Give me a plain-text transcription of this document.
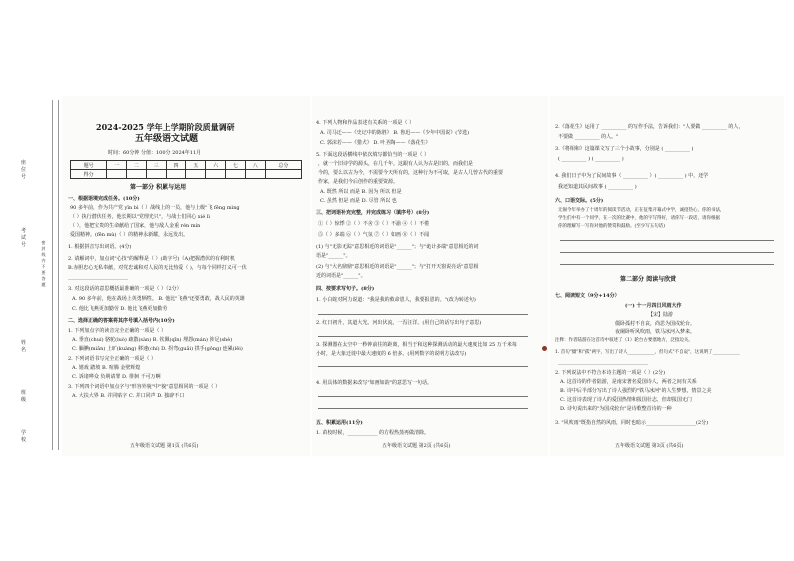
座位号
考试号	密 封 线 内 不 要 答 题
姓名
班级
学校
2024-2025 学年上学期阶段质量调研
五年级语文试题
时间：60分钟 分值：100分 2024年11月
题号	一	二	三	四	五	六	七	八	总分
得分									
第一部分 积累与运用
一、根据语境完成任务。(10分)
90 多年前，作为共产党 yīn bì（ ）战线上的一员，他与上级"飞 fēng mìng
（ ）执行潜伏任务，他长期以"党理光只"，与战士们同心 xié lì
（ ），他把宝贵的生命献给了国家，他与敌人金重 rén mín
爱国精神。(fēn mù)（ ）的精神永新耀，永远发出。
1. 根据拼音写出词语。(4分)
2. 请解词中，加点词"心技"的解释是（ ）(助字号)（A)把握潜伏的有利时机
B.赤胆忠心无私奉献，对党忠诚和对人民的无比热爱（ )，与每个同样打义可一伏
________________________
3. 对这段话的意思概括最准确的一项是（ ）（2分）
A. 90 多年前，他在战场上英勇牺牲。 B. 他比"飞燕"还要勇敢，战人民的英雄
C. 他比飞燕更加勤劳 D. 他比飞燕更加勤劳
二、选择正确的答案将其序号填入括号内(10分)
1. 下列加点字的读音完全正确的一项是（ ）
A. 垂直(chuí) 骆驼(luò) 疏散(sàn) B. 钦佩(qīn) 埋怨(mán) 涉足(shè)
C. 腼腆(miǎn) 上旷(kuàng) 移速(chí) D. 拐弯(guǎi) 拱手(gǒng) 连累(lěi)
2. 下列词语书写完全正确的一项是（ ）
A. 嬉戏 踏坡 B. 喧腾 金壁辉煌
C. 诉诸哗众 负荆请罪 D. 徘徊 千可万啊
3. 下列四个词语中加点字与"形容外貌"中"貌"意思相同的一项是（ ）
A. 大扶大界 B. 并同贴字 C. 并口同声 D. 独辟不口
五年级语文试题 第1页 (共6页)
4. 下列人物和作品表述有关系的一项是（ ）
A. 司马迁——《史记中的陈胜》 B. 鲁迅——《少年中国说》(节选)
C. 郭沫若——《猎犬》 D. 叶圣陶——《落花生》
5. 下面这段话横线中依次填写都恰当的一项是（ ）
，就一个旧诗学的源头，在几千年。这跟有人认为古是旧的，而我们是
今的，要么以古为今，不需要今天所有的，这种行为不可取，是古人几曾古代的重要
作家，是我们今后创作的重要资源。
A. 既然 所以 而是 B. 因为 所以 但是
C. 虽然 但是 而是 D. 尽管 所以 也
三、把词语补充完整，并完成练习（填序号）(8分)
①（ ）惊悸 ②（ ）不舍 ③（ ）不渝 ④（ ）不倦
⑤（ ）多端 ⑥（ ）气氛 ⑦（ ）如画 ⑧（ ）不闻
(1) 与"无影无踪"意思相近的词语是"______"；与"诡计多端"意思相近的词
语是"______"。
(2) 与"大名鼎鼎"意思相近的词语是"______"；与"打开天窗说亮话"意思相
近的词语是"______"。
四、按要求写句子。(8分)
1. 小白蛇对阿力说道："我是我的救命恩人，我要报恩的。"(改为转述句)
2. 红日初升，其道大光。河出伏流，一泻汪洋。(用自己的话写出句子意思)
3. 探测器在太空中一秒钟前往的距离，相当于和这种探测活动的最大速度比如 25 万千米每
小时，是大象迁徙中最大速度的 6 倍多。(用列数字的说明方法改写)
4. 用具体的数据来改写"如画如韵"的意思写一句话。
五、积累运用(11分)
1. 苗校时候，____________ 的方程热蒸再做清除。
五年级语文试题 第2页 (共6页)
2.《落花生》运用了 __________ 的写作手法，告诉我们："人要做 __________ 的人，
不要做 __________ 的人。"
3.《将相和》这篇课文写了三个小故事，分别是 ( __________ )
( __________ ) ( __________ )
4. 我们日子中为了民间故事（ __________ ）( __________ ) 中，还学
我还知道其民间故事 ( __________ )
六、口语交际。(5分)
无锡今年举办了十周年的阅读节活动，正在征集开幕式中学，诚招热心，你的书法，
学生们中有一个同学，在一次的比赛中，他的字写得好，请你写一段话，请你根据
你的理解写一写你对他的赞赏和鼓励。(至少写五句话)
第二部分 阅读与欣赏
七、阅读短文（9分+14分）
(一) 十一月四日风雨大作
【宋】陆游
僵卧孤村不自哀，尚思为国戍轮台。
夜阑卧听风吹雨，铁马冰河入梦来。
注释：作者陆游在这首诗中叙述了（1）轮台古要塞地方，泛指边关。
1. 首句"僵"和"孤"两字，写出了诗人____________，但句式"不自哀"，这说明了____________
____________________________________
2. 下列说法中不符合本诗主题的一项是（ ）(2分)
A. 这首诗的作者陆游，是南宋著名爱国诗人，两者之间有关系
B. 诗中后半部分写出了诗人强烈的"铁马冰河"的人生梦想，情景之美
C. 这首诗表现了诗人的爱国热情和报国壮志，但却报国无门
D. 诗句说出来的"为国戍轮台"是诗歌整首诗的一种
3. "风吹雨"既指自然的风雨，同时也暗示____________________(2分)
五年级语文试题 第3页 (共6页)
